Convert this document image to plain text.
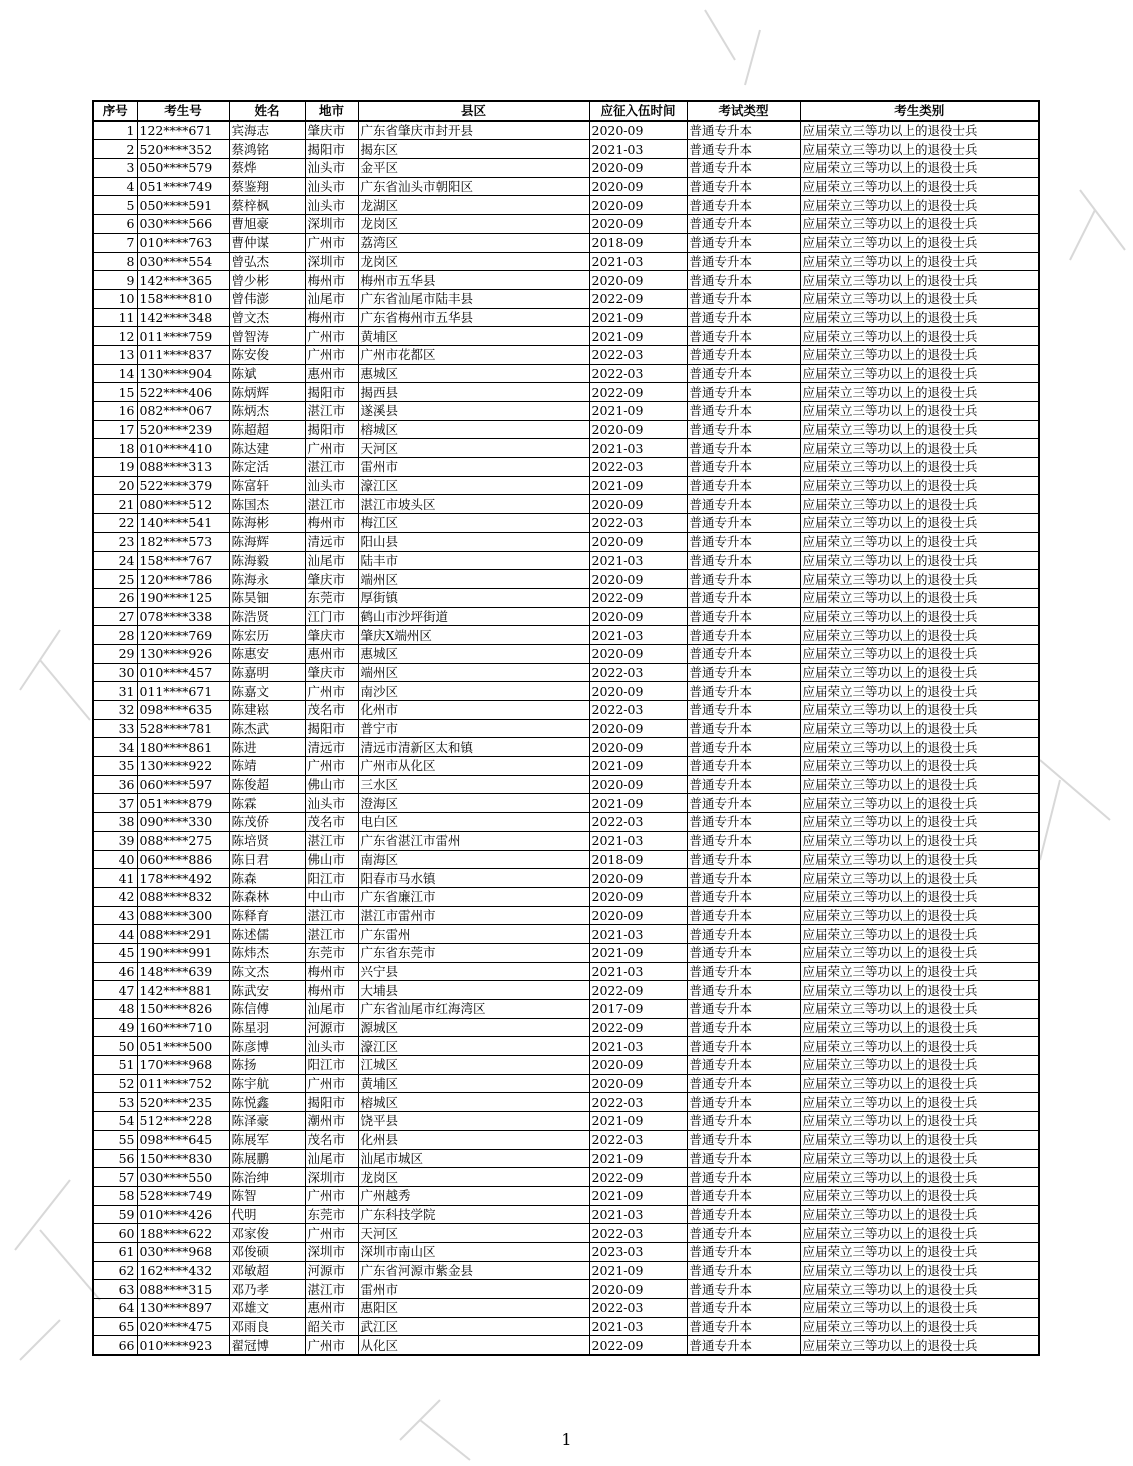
序号	考生号	姓名	地市	县区	应征入伍时间	考试类型	考生类别
1	122****671	宾海志	肇庆市	广东省肇庆市封开县	2020-09	普通专升本	应届荣立三等功以上的退役士兵
2	520****352	蔡鸿铭	揭阳市	揭东区	2021-03	普通专升本	应届荣立三等功以上的退役士兵
3	050****579	蔡烨	汕头市	金平区	2020-09	普通专升本	应届荣立三等功以上的退役士兵
4	051****749	蔡鉴翔	汕头市	广东省汕头市朝阳区	2020-09	普通专升本	应届荣立三等功以上的退役士兵
5	050****591	蔡梓枫	汕头市	龙湖区	2020-09	普通专升本	应届荣立三等功以上的退役士兵
6	030****566	曹旭豪	深圳市	龙岗区	2020-09	普通专升本	应届荣立三等功以上的退役士兵
7	010****763	曹仲谋	广州市	荔湾区	2018-09	普通专升本	应届荣立三等功以上的退役士兵
8	030****554	曾弘杰	深圳市	龙岗区	2021-03	普通专升本	应届荣立三等功以上的退役士兵
9	142****365	曾少彬	梅州市	梅州市五华县	2020-09	普通专升本	应届荣立三等功以上的退役士兵
10	158****810	曾伟澎	汕尾市	广东省汕尾市陆丰县	2022-09	普通专升本	应届荣立三等功以上的退役士兵
11	142****348	曾文杰	梅州市	广东省梅州市五华县	2021-09	普通专升本	应届荣立三等功以上的退役士兵
12	011****759	曾智涛	广州市	黄埔区	2021-09	普通专升本	应届荣立三等功以上的退役士兵
13	011****837	陈安俊	广州市	广州市花都区	2022-03	普通专升本	应届荣立三等功以上的退役士兵
14	130****904	陈斌	惠州市	惠城区	2022-03	普通专升本	应届荣立三等功以上的退役士兵
15	522****406	陈炳辉	揭阳市	揭西县	2022-09	普通专升本	应届荣立三等功以上的退役士兵
16	082****067	陈炳杰	湛江市	遂溪县	2021-09	普通专升本	应届荣立三等功以上的退役士兵
17	520****239	陈超超	揭阳市	榕城区	2020-09	普通专升本	应届荣立三等功以上的退役士兵
18	010****410	陈达建	广州市	天河区	2021-03	普通专升本	应届荣立三等功以上的退役士兵
19	088****313	陈定活	湛江市	雷州市	2022-03	普通专升本	应届荣立三等功以上的退役士兵
20	522****379	陈富轩	汕头市	濠江区	2021-09	普通专升本	应届荣立三等功以上的退役士兵
21	080****512	陈国杰	湛江市	湛江市坡头区	2020-09	普通专升本	应届荣立三等功以上的退役士兵
22	140****541	陈海彬	梅州市	梅江区	2022-03	普通专升本	应届荣立三等功以上的退役士兵
23	182****573	陈海辉	清远市	阳山县	2020-09	普通专升本	应届荣立三等功以上的退役士兵
24	158****767	陈海毅	汕尾市	陆丰市	2021-03	普通专升本	应届荣立三等功以上的退役士兵
25	120****786	陈海永	肇庆市	端州区	2020-09	普通专升本	应届荣立三等功以上的退役士兵
26	190****125	陈昊钿	东莞市	厚街镇	2022-09	普通专升本	应届荣立三等功以上的退役士兵
27	078****338	陈浩贤	江门市	鹤山市沙坪街道	2020-09	普通专升本	应届荣立三等功以上的退役士兵
28	120****769	陈宏历	肇庆市	肇庆X端州区	2021-03	普通专升本	应届荣立三等功以上的退役士兵
29	130****926	陈惠安	惠州市	惠城区	2020-09	普通专升本	应届荣立三等功以上的退役士兵
30	010****457	陈嘉明	肇庆市	端州区	2022-03	普通专升本	应届荣立三等功以上的退役士兵
31	011****671	陈嘉文	广州市	南沙区	2020-09	普通专升本	应届荣立三等功以上的退役士兵
32	098****635	陈建崧	茂名市	化州市	2022-03	普通专升本	应届荣立三等功以上的退役士兵
33	528****781	陈杰武	揭阳市	普宁市	2020-09	普通专升本	应届荣立三等功以上的退役士兵
34	180****861	陈进	清远市	清远市清新区太和镇	2020-09	普通专升本	应届荣立三等功以上的退役士兵
35	130****922	陈靖	广州市	广州市从化区	2021-09	普通专升本	应届荣立三等功以上的退役士兵
36	060****597	陈俊超	佛山市	三水区	2020-09	普通专升本	应届荣立三等功以上的退役士兵
37	051****879	陈霖	汕头市	澄海区	2021-09	普通专升本	应届荣立三等功以上的退役士兵
38	090****330	陈茂侨	茂名市	电白区	2022-03	普通专升本	应届荣立三等功以上的退役士兵
39	088****275	陈培贤	湛江市	广东省湛江市雷州	2021-03	普通专升本	应届荣立三等功以上的退役士兵
40	060****886	陈日君	佛山市	南海区	2018-09	普通专升本	应届荣立三等功以上的退役士兵
41	178****492	陈森	阳江市	阳春市马水镇	2020-09	普通专升本	应届荣立三等功以上的退役士兵
42	088****832	陈森林	中山市	广东省廉江市	2020-09	普通专升本	应届荣立三等功以上的退役士兵
43	088****300	陈释育	湛江市	湛江市雷州市	2020-09	普通专升本	应届荣立三等功以上的退役士兵
44	088****291	陈述儒	湛江市	广东雷州	2021-03	普通专升本	应届荣立三等功以上的退役士兵
45	190****991	陈炜杰	东莞市	广东省东莞市	2021-09	普通专升本	应届荣立三等功以上的退役士兵
46	148****639	陈文杰	梅州市	兴宁县	2021-03	普通专升本	应届荣立三等功以上的退役士兵
47	142****881	陈武安	梅州市	大埔县	2022-09	普通专升本	应届荣立三等功以上的退役士兵
48	150****826	陈信傅	汕尾市	广东省汕尾市红海湾区	2017-09	普通专升本	应届荣立三等功以上的退役士兵
49	160****710	陈星羽	河源市	源城区	2022-09	普通专升本	应届荣立三等功以上的退役士兵
50	051****500	陈彦博	汕头市	濠江区	2021-03	普通专升本	应届荣立三等功以上的退役士兵
51	170****968	陈扬	阳江市	江城区	2020-09	普通专升本	应届荣立三等功以上的退役士兵
52	011****752	陈宇航	广州市	黄埔区	2020-09	普通专升本	应届荣立三等功以上的退役士兵
53	520****235	陈悦鑫	揭阳市	榕城区	2022-03	普通专升本	应届荣立三等功以上的退役士兵
54	512****228	陈泽豪	潮州市	饶平县	2021-09	普通专升本	应届荣立三等功以上的退役士兵
55	098****645	陈展军	茂名市	化州县	2022-03	普通专升本	应届荣立三等功以上的退役士兵
56	150****830	陈展鹏	汕尾市	汕尾市城区	2021-09	普通专升本	应届荣立三等功以上的退役士兵
57	030****550	陈治绅	深圳市	龙岗区	2022-09	普通专升本	应届荣立三等功以上的退役士兵
58	528****749	陈智	广州市	广州越秀	2021-09	普通专升本	应届荣立三等功以上的退役士兵
59	010****426	代明	东莞市	广东科技学院	2021-03	普通专升本	应届荣立三等功以上的退役士兵
60	188****622	邓家俊	广州市	天河区	2022-03	普通专升本	应届荣立三等功以上的退役士兵
61	030****968	邓俊硕	深圳市	深圳市南山区	2023-03	普通专升本	应届荣立三等功以上的退役士兵
62	162****432	邓敏超	河源市	广东省河源市紫金县	2021-09	普通专升本	应届荣立三等功以上的退役士兵
63	088****315	邓乃孝	湛江市	雷州市	2020-09	普通专升本	应届荣立三等功以上的退役士兵
64	130****897	邓雄文	惠州市	惠阳区	2022-03	普通专升本	应届荣立三等功以上的退役士兵
65	020****475	邓雨良	韶关市	武江区	2021-03	普通专升本	应届荣立三等功以上的退役士兵
66	010****923	翟冠博	广州市	从化区	2022-09	普通专升本	应届荣立三等功以上的退役士兵
1
